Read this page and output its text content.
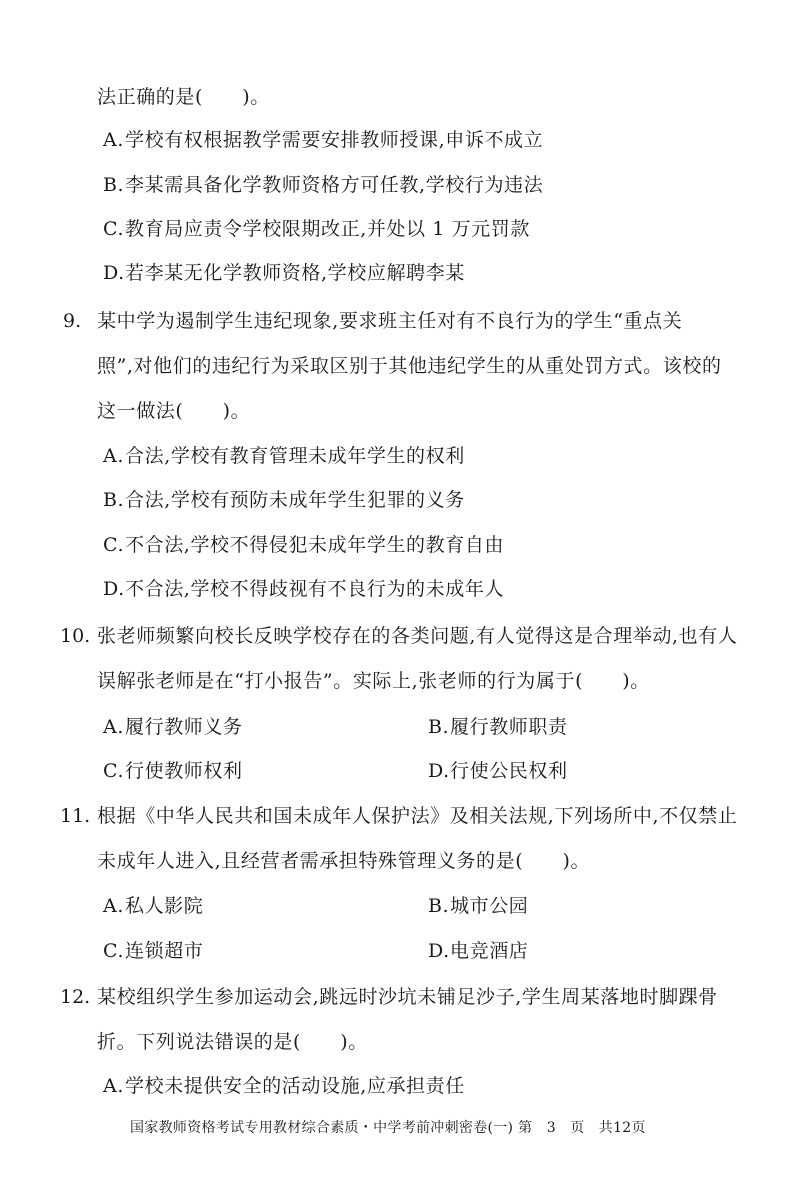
法正确的是(　　)。
A.学校有权根据教学需要安排教师授课,申诉不成立
B.李某需具备化学教师资格方可任教,学校行为违法
C.教育局应责令学校限期改正,并处以 1 万元罚款
D.若李某无化学教师资格,学校应解聘李某
9. 某中学为遏制学生违纪现象,要求班主任对有不良行为的学生“重点关
照”,对他们的违纪行为采取区别于其他违纪学生的从重处罚方式。该校的
这一做法(　　)。
A.合法,学校有教育管理未成年学生的权利
B.合法,学校有预防未成年学生犯罪的义务
C.不合法,学校不得侵犯未成年学生的教育自由
D.不合法,学校不得歧视有不良行为的未成年人
10. 张老师频繁向校长反映学校存在的各类问题,有人觉得这是合理举动,也有人
误解张老师是在“打小报告”。实际上,张老师的行为属于(　　)。
A.履行教师义务	B.履行教师职责
C.行使教师权利	D.行使公民权利
11. 根据《中华人民共和国未成年人保护法》及相关法规,下列场所中,不仅禁止
未成年人进入,且经营者需承担特殊管理义务的是(　　)。
A.私人影院	B.城市公园
C.连锁超市	D.电竞酒店
12. 某校组织学生参加运动会,跳远时沙坑未铺足沙子,学生周某落地时脚踝骨
折。下列说法错误的是(　　)。
A.学校未提供安全的活动设施,应承担责任
国家教师资格考试专用教材综合素质・中学考前冲刺密卷(一) 第　3　页　共12页
